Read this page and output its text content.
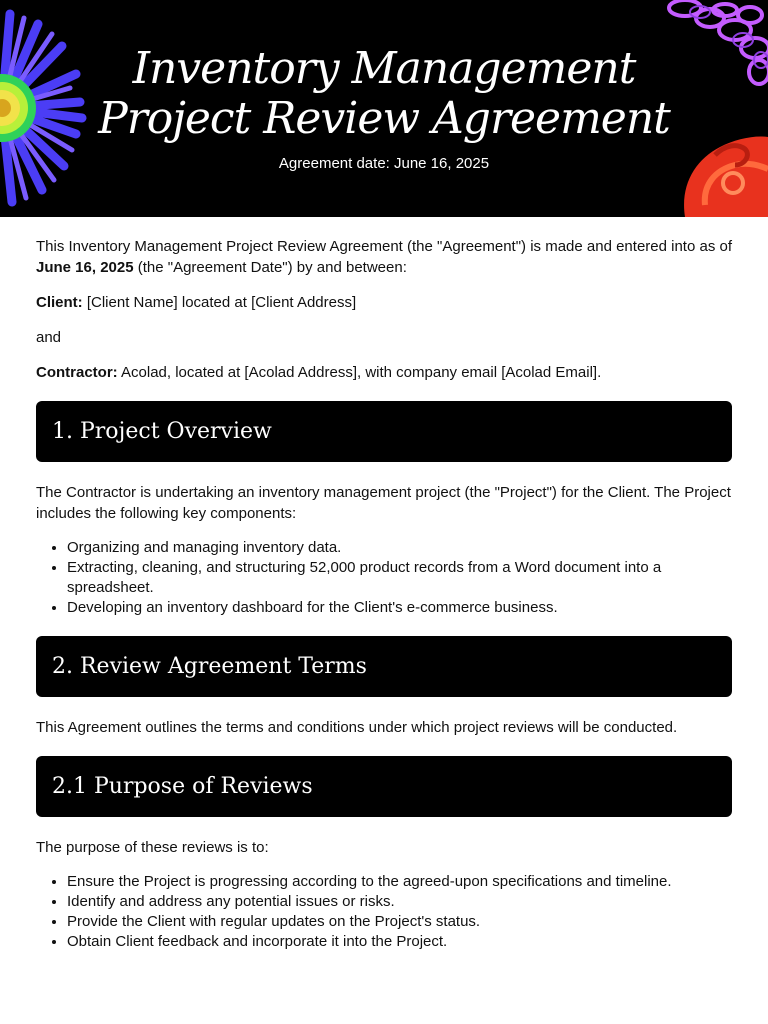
Inventory Management
Project Review Agreement
Agreement date: June 16, 2025

This Inventory Management Project Review Agreement (the "Agreement") is made and entered into as of June 16, 2025 (the "Agreement Date") by and between:

Client: [Client Name] located at [Client Address]

and

Contractor: Acolad, located at [Acolad Address], with company email [Acolad Email].

1. Project Overview

The Contractor is undertaking an inventory management project (the "Project") for the Client. The Project includes the following key components:

• Organizing and managing inventory data.
• Extracting, cleaning, and structuring 52,000 product records from a Word document into a spreadsheet.
• Developing an inventory dashboard for the Client's e-commerce business.
2. Review Agreement Terms

This Agreement outlines the terms and conditions under which project reviews will be conducted.

2.1 Purpose of Reviews

The purpose of these reviews is to:

• Ensure the Project is progressing according to the agreed-upon specifications and timeline.
• Identify and address any potential issues or risks.
• Provide the Client with regular updates on the Project's status.
• Obtain Client feedback and incorporate it into the Project.
